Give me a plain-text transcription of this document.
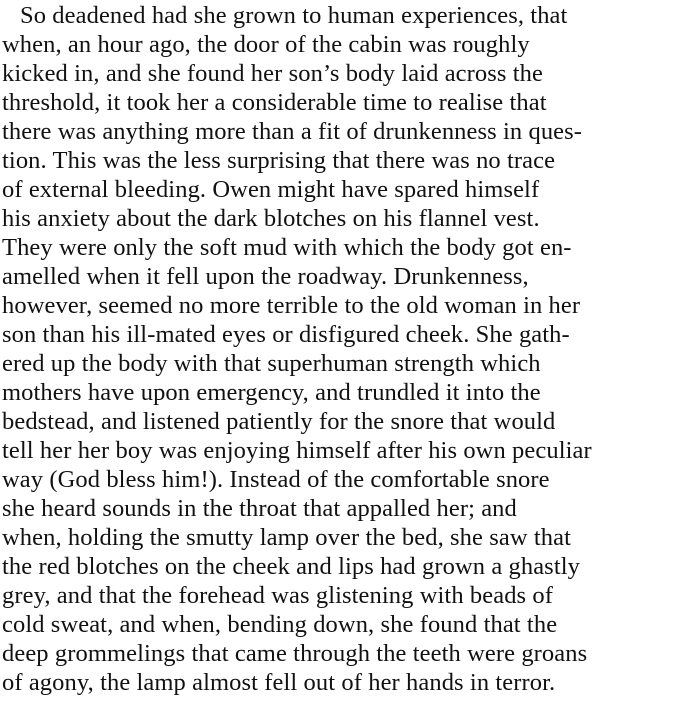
So deadened had she grown to human experiences, that
when, an hour ago, the door of the cabin was roughly
kicked in, and she found her son’s body laid across the
threshold, it took her a considerable time to realise that
there was anything more than a fit of drunkenness in ques-
tion. This was the less surprising that there was no trace
of external bleeding. Owen might have spared himself
his anxiety about the dark blotches on his flannel vest.
They were only the soft mud with which the body got en-
amelled when it fell upon the roadway. Drunkenness,
however, seemed no more terrible to the old woman in her
son than his ill-mated eyes or disfigured cheek. She gath-
ered up the body with that superhuman strength which
mothers have upon emergency, and trundled it into the
bedstead, and listened patiently for the snore that would
tell her her boy was enjoying himself after his own peculiar
way (God bless him!). Instead of the comfortable snore
she heard sounds in the throat that appalled her; and
when, holding the smutty lamp over the bed, she saw that
the red blotches on the cheek and lips had grown a ghastly
grey, and that the forehead was glistening with beads of
cold sweat, and when, bending down, she found that the
deep grommelings that came through the teeth were groans
of agony, the lamp almost fell out of her hands in terror.
